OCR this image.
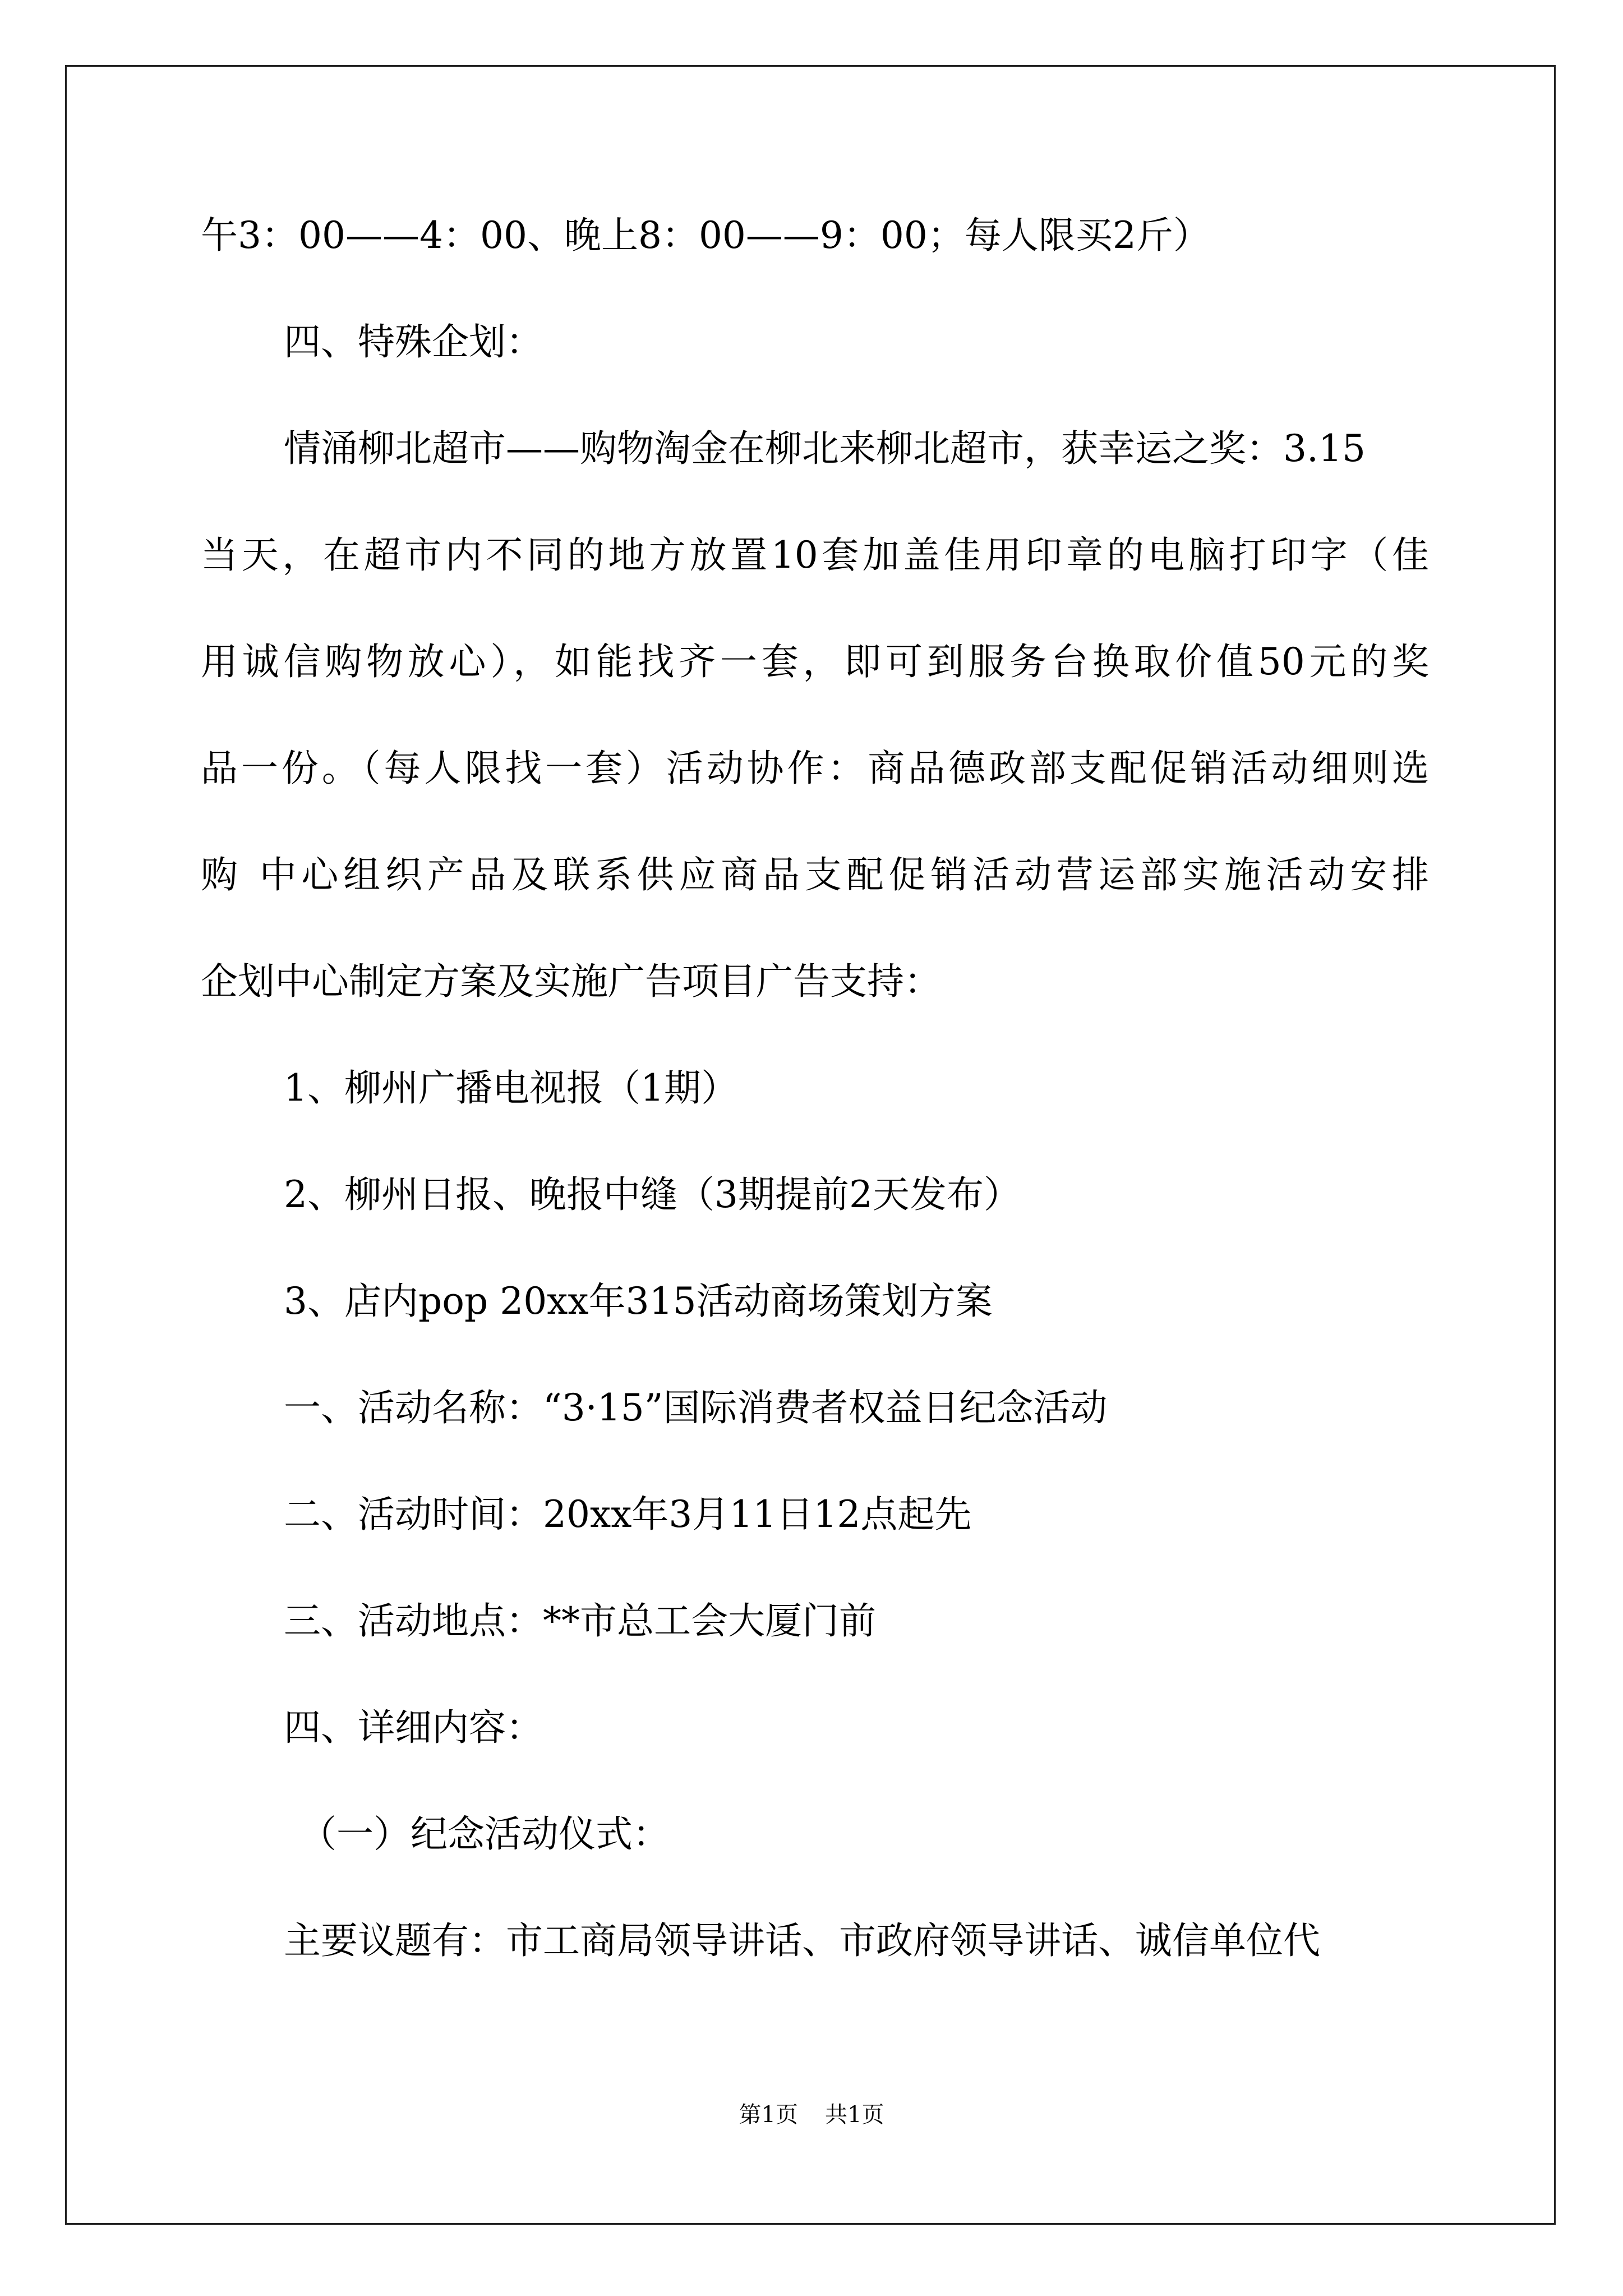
午3：00——4：00、晚上8：00——9：00；每人限买2斤）
四、特殊企划：
情涌柳北超市——购物淘金在柳北来柳北超市，获幸运之奖：3.15
当天，在超市内不同的地方放置10套加盖佳用印章的电脑打印字（佳
用诚信购物放心），如能找齐一套，即可到服务台换取价值50元的奖
品一份。（每人限找一套）活动协作：商品德政部支配促销活动细则选
购 中心组织产品及联系供应商品支配促销活动营运部实施活动安排
企划中心制定方案及实施广告项目广告支持：
1、柳州广播电视报（1期）
2、柳州日报、晚报中缝（3期提前2天发布）
3、店内pop 20xx年315活动商场策划方案
一、活动名称：“3·15”国际消费者权益日纪念活动
二、活动时间：20xx年3月11日12点起先
三、活动地点：**市总工会大厦门前
四、详细内容：
（一）纪念活动仪式：
主要议题有：市工商局领导讲话、市政府领导讲话、诚信单位代
第1页 共1页
